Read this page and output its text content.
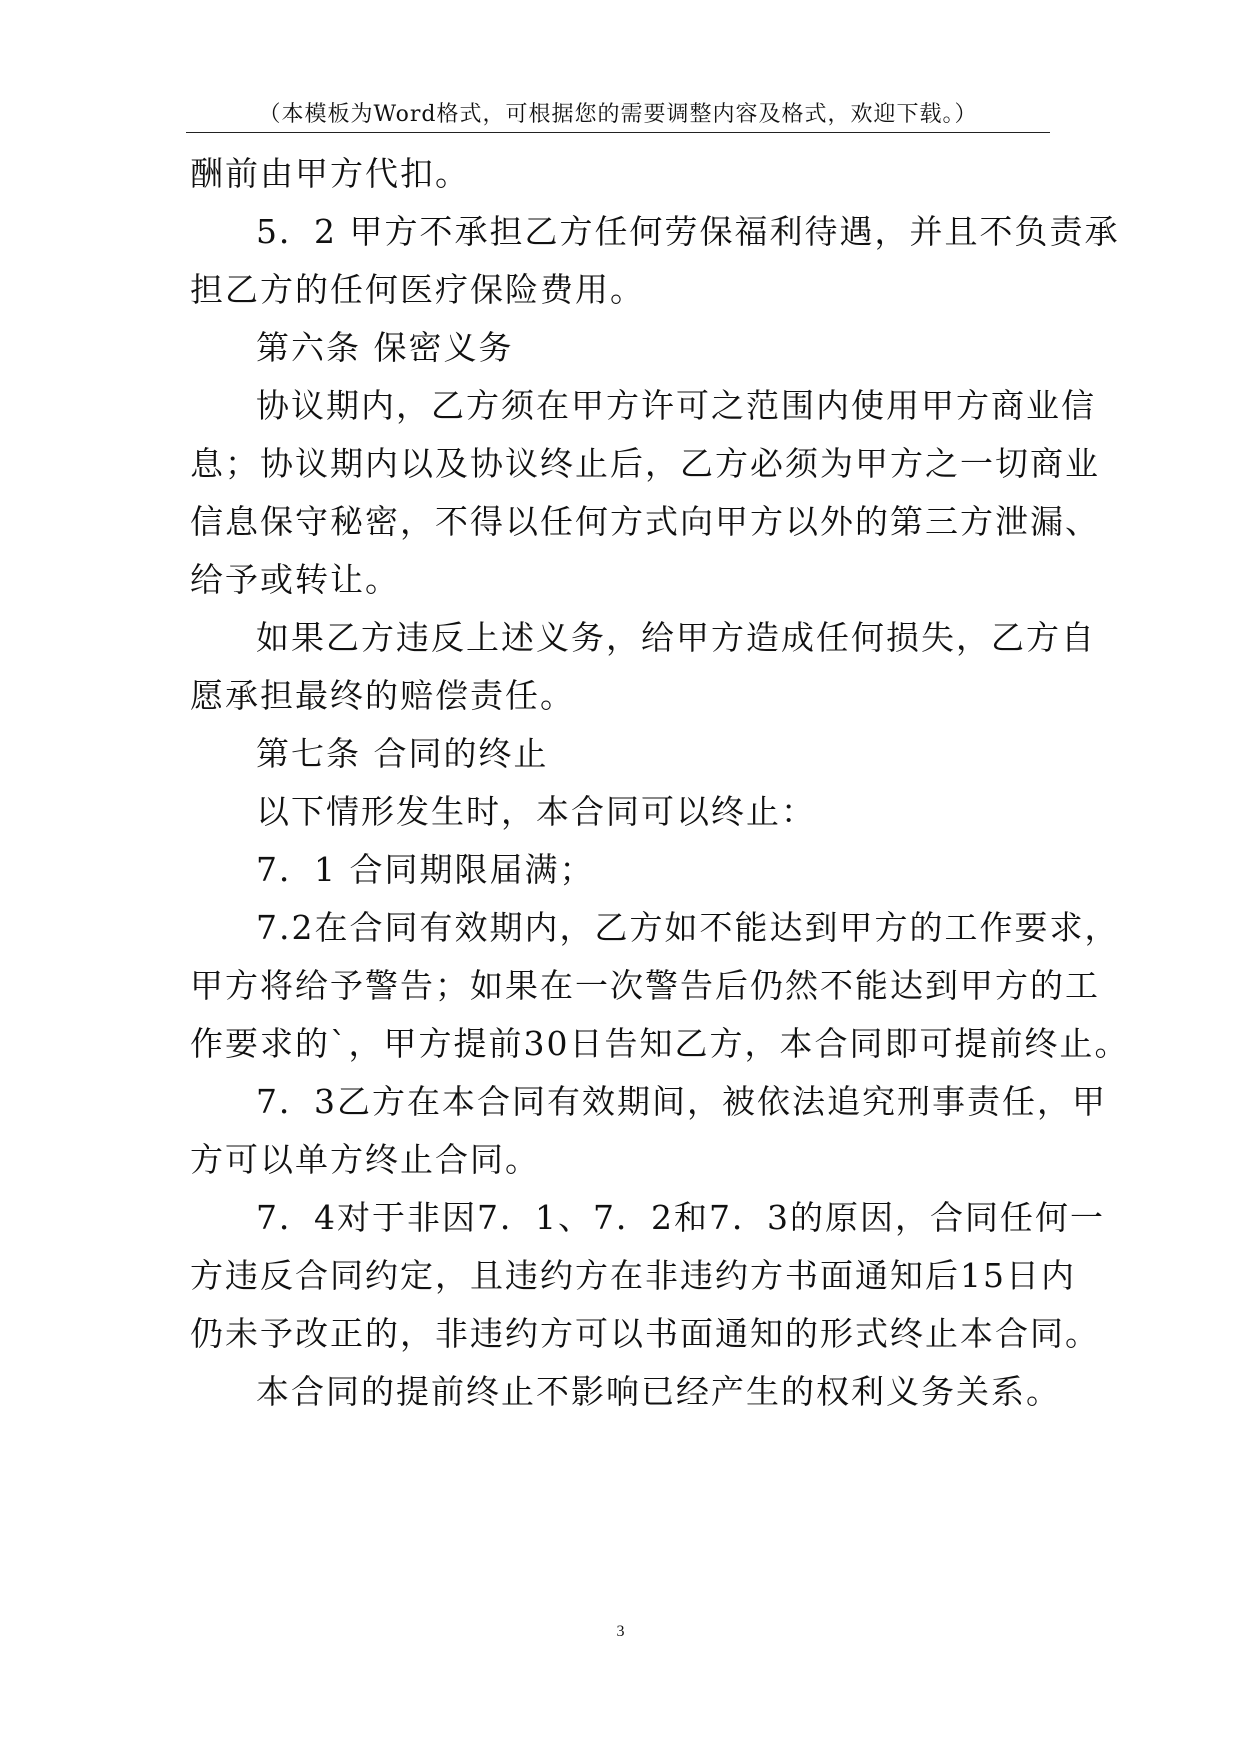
（本模板为Word格式，可根据您的需要调整内容及格式，欢迎下载。）
酬前由甲方代扣。
5．2 甲方不承担乙方任何劳保福利待遇，并且不负责承
担乙方的任何医疗保险费用。
第六条 保密义务
协议期内，乙方须在甲方许可之范围内使用甲方商业信
息；协议期内以及协议终止后，乙方必须为甲方之一切商业
信息保守秘密，不得以任何方式向甲方以外的第三方泄漏、
给予或转让。
如果乙方违反上述义务，给甲方造成任何损失，乙方自
愿承担最终的赔偿责任。
第七条 合同的终止
以下情形发生时，本合同可以终止：
7．1 合同期限届满；
7.2在合同有效期内，乙方如不能达到甲方的工作要求，
甲方将给予警告；如果在一次警告后仍然不能达到甲方的工
作要求的`，甲方提前30日告知乙方，本合同即可提前终止。
7．3乙方在本合同有效期间，被依法追究刑事责任，甲
方可以单方终止合同。
7．4对于非因7．1、7．2和7．3的原因，合同任何一
方违反合同约定，且违约方在非违约方书面通知后15日内
仍未予改正的，非违约方可以书面通知的形式终止本合同。
本合同的提前终止不影响已经产生的权利义务关系。
3
